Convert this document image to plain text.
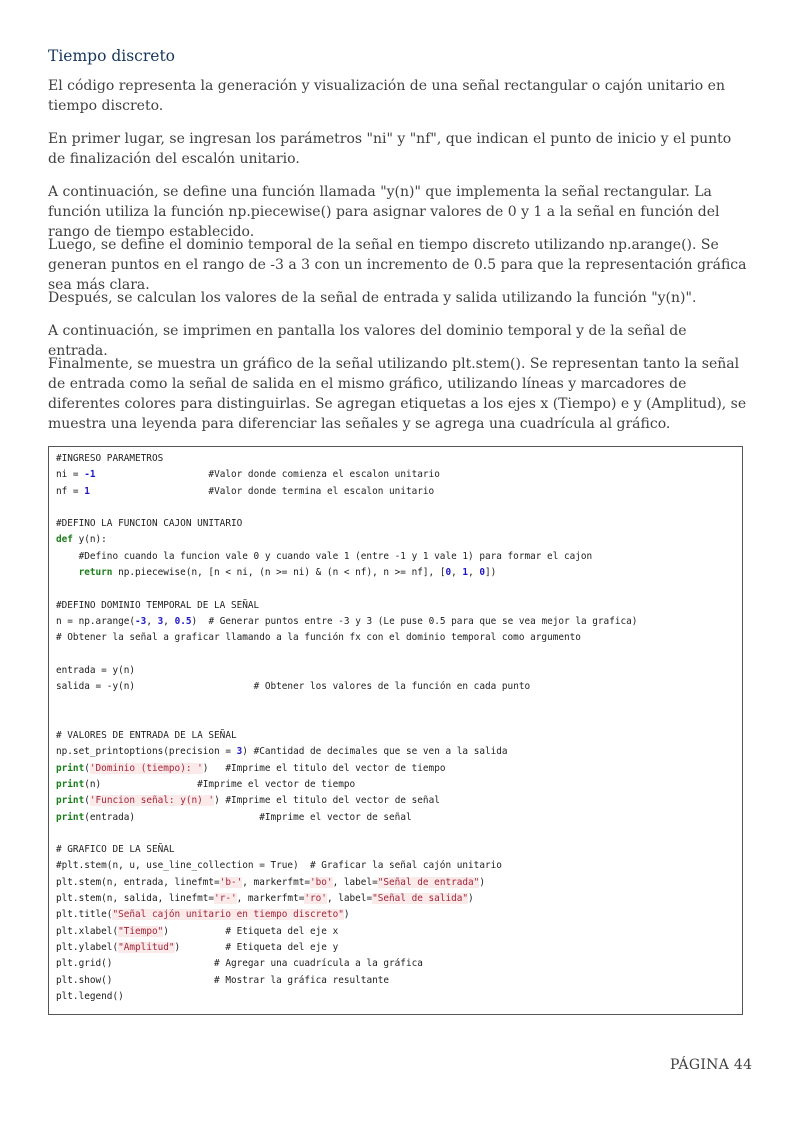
Tiempo discreto

El código representa la generación y visualización de una señal rectangular o cajón unitario en tiempo discreto.

En primer lugar, se ingresan los parámetros "ni" y "nf", que indican el punto de inicio y el punto de finalización del escalón unitario.

A continuación, se define una función llamada "y(n)" que implementa la señal rectangular. La función utiliza la función np.piecewise() para asignar valores de 0 y 1 a la señal en función del rango de tiempo establecido.

Luego, se define el dominio temporal de la señal en tiempo discreto utilizando np.arange(). Se generan puntos en el rango de -3 a 3 con un incremento de 0.5 para que la representación gráfica sea más clara.

Después, se calculan los valores de la señal de entrada y salida utilizando la función "y(n)".

A continuación, se imprimen en pantalla los valores del dominio temporal y de la señal de entrada.

Finalmente, se muestra un gráfico de la señal utilizando plt.stem(). Se representan tanto la señal de entrada como la señal de salida en el mismo gráfico, utilizando líneas y marcadores de diferentes colores para distinguirlas. Se agregan etiquetas a los ejes x (Tiempo) e y (Amplitud), se muestra una leyenda para diferenciar las señales y se agrega una cuadrícula al gráfico.

#INGRESO PARAMETROS
ni = -1	#Valor donde comienza el escalon unitario
nf = 1	#Valor donde termina el escalon unitario
#DEFINO LA FUNCION CAJON UNITARIO
def y(n):
#Defino cuando la funcion vale 0 y cuando vale 1 (entre -1 y 1 vale 1) para formar el cajon
return np.piecewise(n, [n < ni, (n >= ni) & (n < nf), n >= nf], [0, 1, 0])
#DEFINO DOMINIO TEMPORAL DE LA SEÑAL
n = np.arange(-3, 3, 0.5)  # Generar puntos entre -3 y 3 (Le puse 0.5 para que se vea mejor la grafica)
# Obtener la señal a graficar llamando a la función fx con el dominio temporal como argumento
entrada = y(n)
salida = -y(n)                     # Obtener los valores de la función en cada punto
# VALORES DE ENTRADA DE LA SEÑAL
np.set_printoptions(precision = 3) #Cantidad de decimales que se ven a la salida
print('Dominio (tiempo): ')   #Imprime el titulo del vector de tiempo
print(n)                 #Imprime el vector de tiempo
print('Funcion señal: y(n) ') #Imprime el titulo del vector de señal
print(entrada)                      #Imprime el vector de señal
# GRAFICO DE LA SEÑAL
#plt.stem(n, u, use_line_collection = True)  # Graficar la señal cajón unitario
plt.stem(n, entrada, linefmt='b-', markerfmt='bo', label="Señal de entrada")
plt.stem(n, salida, linefmt='r-', markerfmt='ro', label="Señal de salida")
plt.title("Señal cajón unitario en tiempo discreto")
plt.xlabel("Tiempo")          # Etiqueta del eje x
plt.ylabel("Amplitud")        # Etiqueta del eje y
plt.grid()                  # Agregar una cuadrícula a la gráfica
plt.show()                  # Mostrar la gráfica resultante
plt.legend()

PÁGINA 44
